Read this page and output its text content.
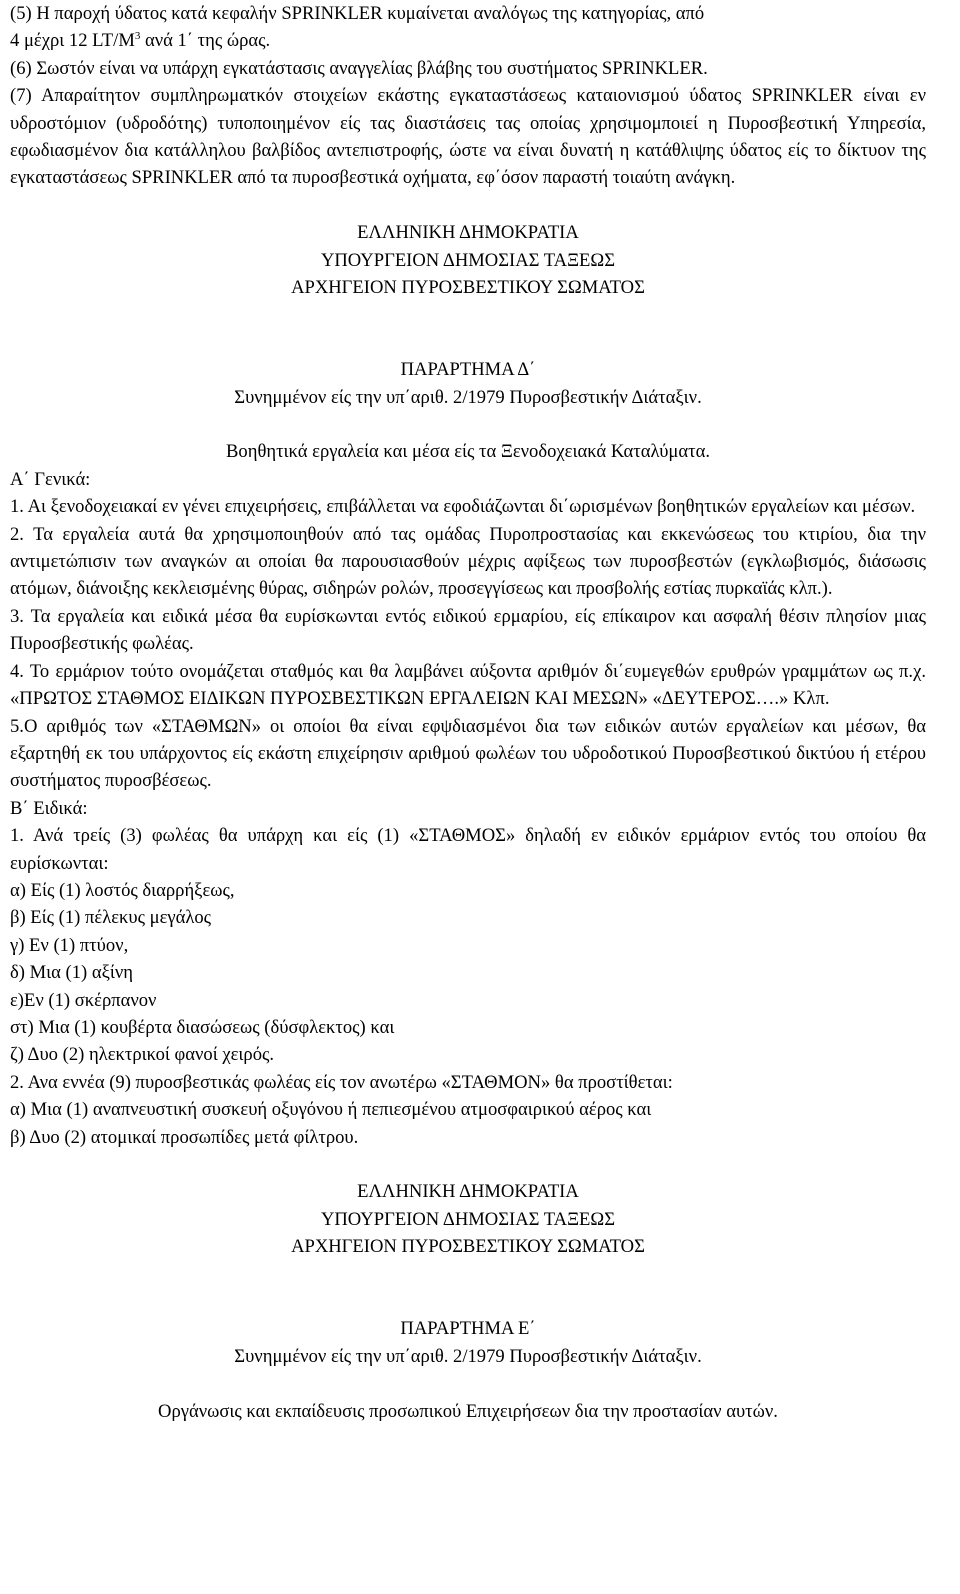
(5) Η παροχή ύδατος κατά κεφαλήν SPRINKLER κυμαίνεται αναλόγως της κατηγορίας, από

4 μέχρι 12 $LT/M^3$ ανά 1΄ της ώρας.

(6) Σωστόν είναι να υπάρχη εγκατάστασις αναγγελίας βλάβης του συστήματος SPRINKLER.

(7) Απαραίτητον συμπληρωματκόν στοιχείων εκάστης εγκαταστάσεως καταιονισμού ύδατος SPRINKLER είναι εν υδροστόμιον (υδροδότης) τυποποιημένον είς τας διαστάσεις τας οποίας χρησιμομποιεί η Πυροσβεστική Υπηρεσία, εφωδιασμένον δια κατάλληλου βαλβίδος αντεπιστροφής, ώστε να είναι δυνατή η κατάθλιψης ύδατος είς το δίκτυον της εγκαταστάσεως SPRINKLER από τα πυροσβεστικά οχήματα, εφ΄όσον παραστή τοιαύτη ανάγκη.

ΕΛΛΗΝΙΚΗ ΔΗΜΟΚΡΑΤΙΑ

ΥΠΟΥΡΓΕΙΟΝ ΔΗΜΟΣΙΑΣ ΤΑΞΕΩΣ

ΑΡΧΗΓΕΙΟΝ ΠΥΡΟΣΒΕΣΤΙΚΟΥ ΣΩΜΑΤΟΣ

ΠΑΡΑΡΤΗΜΑ Δ΄

Συνημμένον είς την υπ΄αριθ. 2/1979 Πυροσβεστικήν Διάταξιν.

Βοηθητικά εργαλεία και μέσα είς τα Ξενοδοχειακά Καταλύματα.

Α΄ Γενικά:

1. Αι ξενοδοχειακαί εν γένει επιχειρήσεις, επιβάλλεται να εφοδιάζωνται δι΄ωρισμένων βοηθητικών εργαλείων και μέσων.

2. Τα εργαλεία αυτά θα χρησιμοποιηθούν από τας ομάδας Πυροπροστασίας και εκκενώσεως του κτιρίου, δια την αντιμετώπισιν των αναγκών αι οποίαι θα παρουσιασθούν μέχρις αφίξεως των πυροσβεστών (εγκλωβισμός, διάσωσις ατόμων, διάνοιξης κεκλεισμένης θύρας, σιδηρών ρολών, προσεγγίσεως και προσβολής εστίας πυρκαϊάς κλπ.).

3. Τα εργαλεία και ειδικά μέσα θα ευρίσκωνται εντός ειδικού ερμαρίου, είς επίκαιρον και ασφαλή θέσιν πλησίον μιας Πυροσβεστικής φωλέας.

4. Το ερμάριον τούτο ονομάζεται σταθμός και θα λαμβάνει αύξοντα αριθμόν δι΄ευμεγεθών ερυθρών γραμμάτων ως π.χ. «ΠΡΩΤΟΣ ΣΤΑΘΜΟΣ ΕΙΔΙΚΩΝ ΠΥΡΟΣΒΕΣΤΙΚΩΝ ΕΡΓΑΛΕΙΩΝ ΚΑΙ ΜΕΣΩΝ» «ΔΕΥΤΕΡΟΣ….» Κλπ.

5.Ο αριθμός των «ΣΤΑΘΜΩΝ» οι οποίοι θα είναι εφψδιασμένοι δια των ειδικών αυτών εργαλείων και μέσων, θα εξαρτηθή εκ του υπάρχοντος είς εκάστη επιχείρησιν αριθμού φωλέων του υδροδοτικού Πυροσβεστικού δικτύου ή ετέρου συστήματος πυροσβέσεως.

Β΄ Ειδικά:

1. Ανά τρείς (3) φωλέας θα υπάρχη και είς (1) «ΣΤΑΘΜΟΣ» δηλαδή εν ειδικόν ερμάριον εντός του οποίου θα ευρίσκωνται:

α) Είς (1) λοστός διαρρήξεως,

β) Είς (1) πέλεκυς μεγάλος

γ) Εν (1) πτύον,

δ) Μια (1) αξίνη

ε)Εν (1) σκέρπανον

στ) Μια (1) κουβέρτα διασώσεως (δύσφλεκτος) και

ζ) Δυο (2) ηλεκτρικοί φανοί χειρός.

2. Ανα εννέα (9) πυροσβεστικάς φωλέας είς τον ανωτέρω «ΣΤΑΘΜΟΝ» θα προστίθεται:

α) Μια (1) αναπνευστική συσκευή οξυγόνου ή πεπιεσμένου ατμοσφαιρικού αέρος και

β) Δυο (2) ατομικαί προσωπίδες μετά φίλτρου.

ΕΛΛΗΝΙΚΗ ΔΗΜΟΚΡΑΤΙΑ

ΥΠΟΥΡΓΕΙΟΝ ΔΗΜΟΣΙΑΣ ΤΑΞΕΩΣ

ΑΡΧΗΓΕΙΟΝ ΠΥΡΟΣΒΕΣΤΙΚΟΥ ΣΩΜΑΤΟΣ

ΠΑΡΑΡΤΗΜΑ Ε΄

Συνημμένον είς την υπ΄αριθ. 2/1979 Πυροσβεστικήν Διάταξιν.

Οργάνωσις και εκπαίδευσις προσωπικού Επιχειρήσεων δια την προστασίαν αυτών.
